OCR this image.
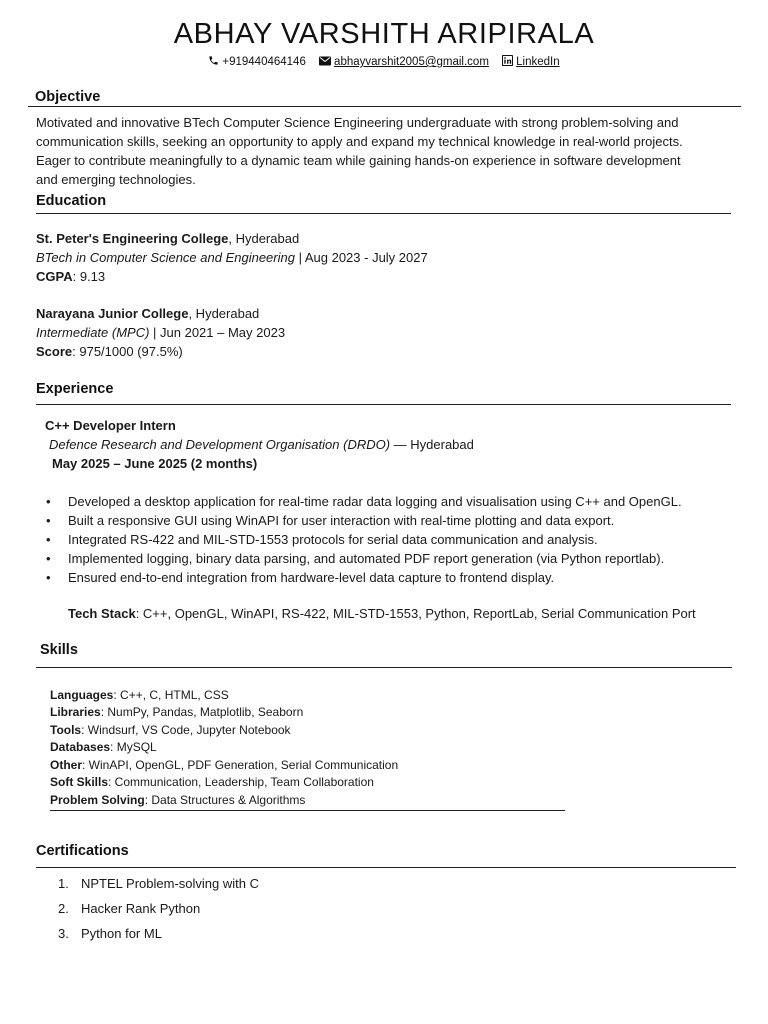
ABHAY VARSHITH ARIPIRALA
+919440464146 abhayvarshit2005@gmail.com LinkedIn
Objective
Motivated and innovative BTech Computer Science Engineering undergraduate with strong problem-solving and
communication skills, seeking an opportunity to apply and expand my technical knowledge in real-world projects.
Eager to contribute meaningfully to a dynamic team while gaining hands-on experience in software development
and emerging technologies.
Education
St. Peter's Engineering College, Hyderabad
BTech in Computer Science and Engineering | Aug 2023 - July 2027
CGPA: 9.13
Narayana Junior College, Hyderabad
Intermediate (MPC) | Jun 2021 – May 2023
Score: 975/1000 (97.5%)
Experience
C++ Developer Intern
Defence Research and Development Organisation (DRDO) — Hyderabad
May 2025 – June 2025 (2 months)
• Developed a desktop application for real-time radar data logging and visualisation using C++ and OpenGL.
• Built a responsive GUI using WinAPI for user interaction with real-time plotting and data export.
• Integrated RS-422 and MIL-STD-1553 protocols for serial data communication and analysis.
• Implemented logging, binary data parsing, and automated PDF report generation (via Python reportlab).
• Ensured end-to-end integration from hardware-level data capture to frontend display.
Tech Stack: C++, OpenGL, WinAPI, RS-422, MIL-STD-1553, Python, ReportLab, Serial Communication Port
Skills
Languages: C++, C, HTML, CSS
Libraries: NumPy, Pandas, Matplotlib, Seaborn
Tools: Windsurf, VS Code, Jupyter Notebook
Databases: MySQL
Other: WinAPI, OpenGL, PDF Generation, Serial Communication
Soft Skills: Communication, Leadership, Team Collaboration
Problem Solving: Data Structures & Algorithms
Certifications
1. NPTEL Problem-solving with C
2. Hacker Rank Python
3. Python for ML
